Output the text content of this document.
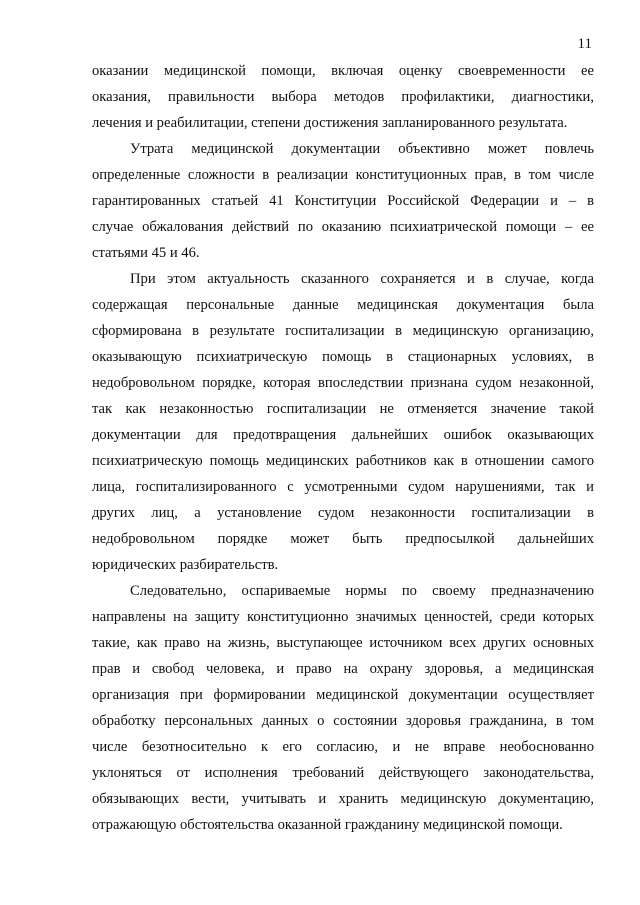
11
оказании медицинской помощи, включая оценку своевременности ее
оказания, правильности выбора методов профилактики, диагностики,
лечения и реабилитации, степени достижения запланированного результата.
Утрата медицинской документации объективно может повлечь
определенные сложности в реализации конституционных прав, в том числе
гарантированных статьей 41 Конституции Российской Федерации и – в
случае обжалования действий по оказанию психиатрической помощи – ее
статьями 45 и 46.
При этом актуальность сказанного сохраняется и в случае, когда
содержащая персональные данные медицинская документация была
сформирована в результате госпитализации в медицинскую организацию,
оказывающую психиатрическую помощь в стационарных условиях, в
недобровольном порядке, которая впоследствии признана судом незаконной,
так как незаконностью госпитализации не отменяется значение такой
документации для предотвращения дальнейших ошибок оказывающих
психиатрическую помощь медицинских работников как в отношении самого
лица, госпитализированного с усмотренными судом нарушениями, так и
других лиц, а установление судом незаконности госпитализации в
недобровольном порядке может быть предпосылкой дальнейших
юридических разбирательств.
Следовательно, оспариваемые нормы по своему предназначению
направлены на защиту конституционно значимых ценностей, среди которых
такие, как право на жизнь, выступающее источником всех других основных
прав и свобод человека, и право на охрану здоровья, а медицинская
организация при формировании медицинской документации осуществляет
обработку персональных данных о состоянии здоровья гражданина, в том
числе безотносительно к его согласию, и не вправе необоснованно
уклоняться от исполнения требований действующего законодательства,
обязывающих вести, учитывать и хранить медицинскую документацию,
отражающую обстоятельства оказанной гражданину медицинской помощи.
